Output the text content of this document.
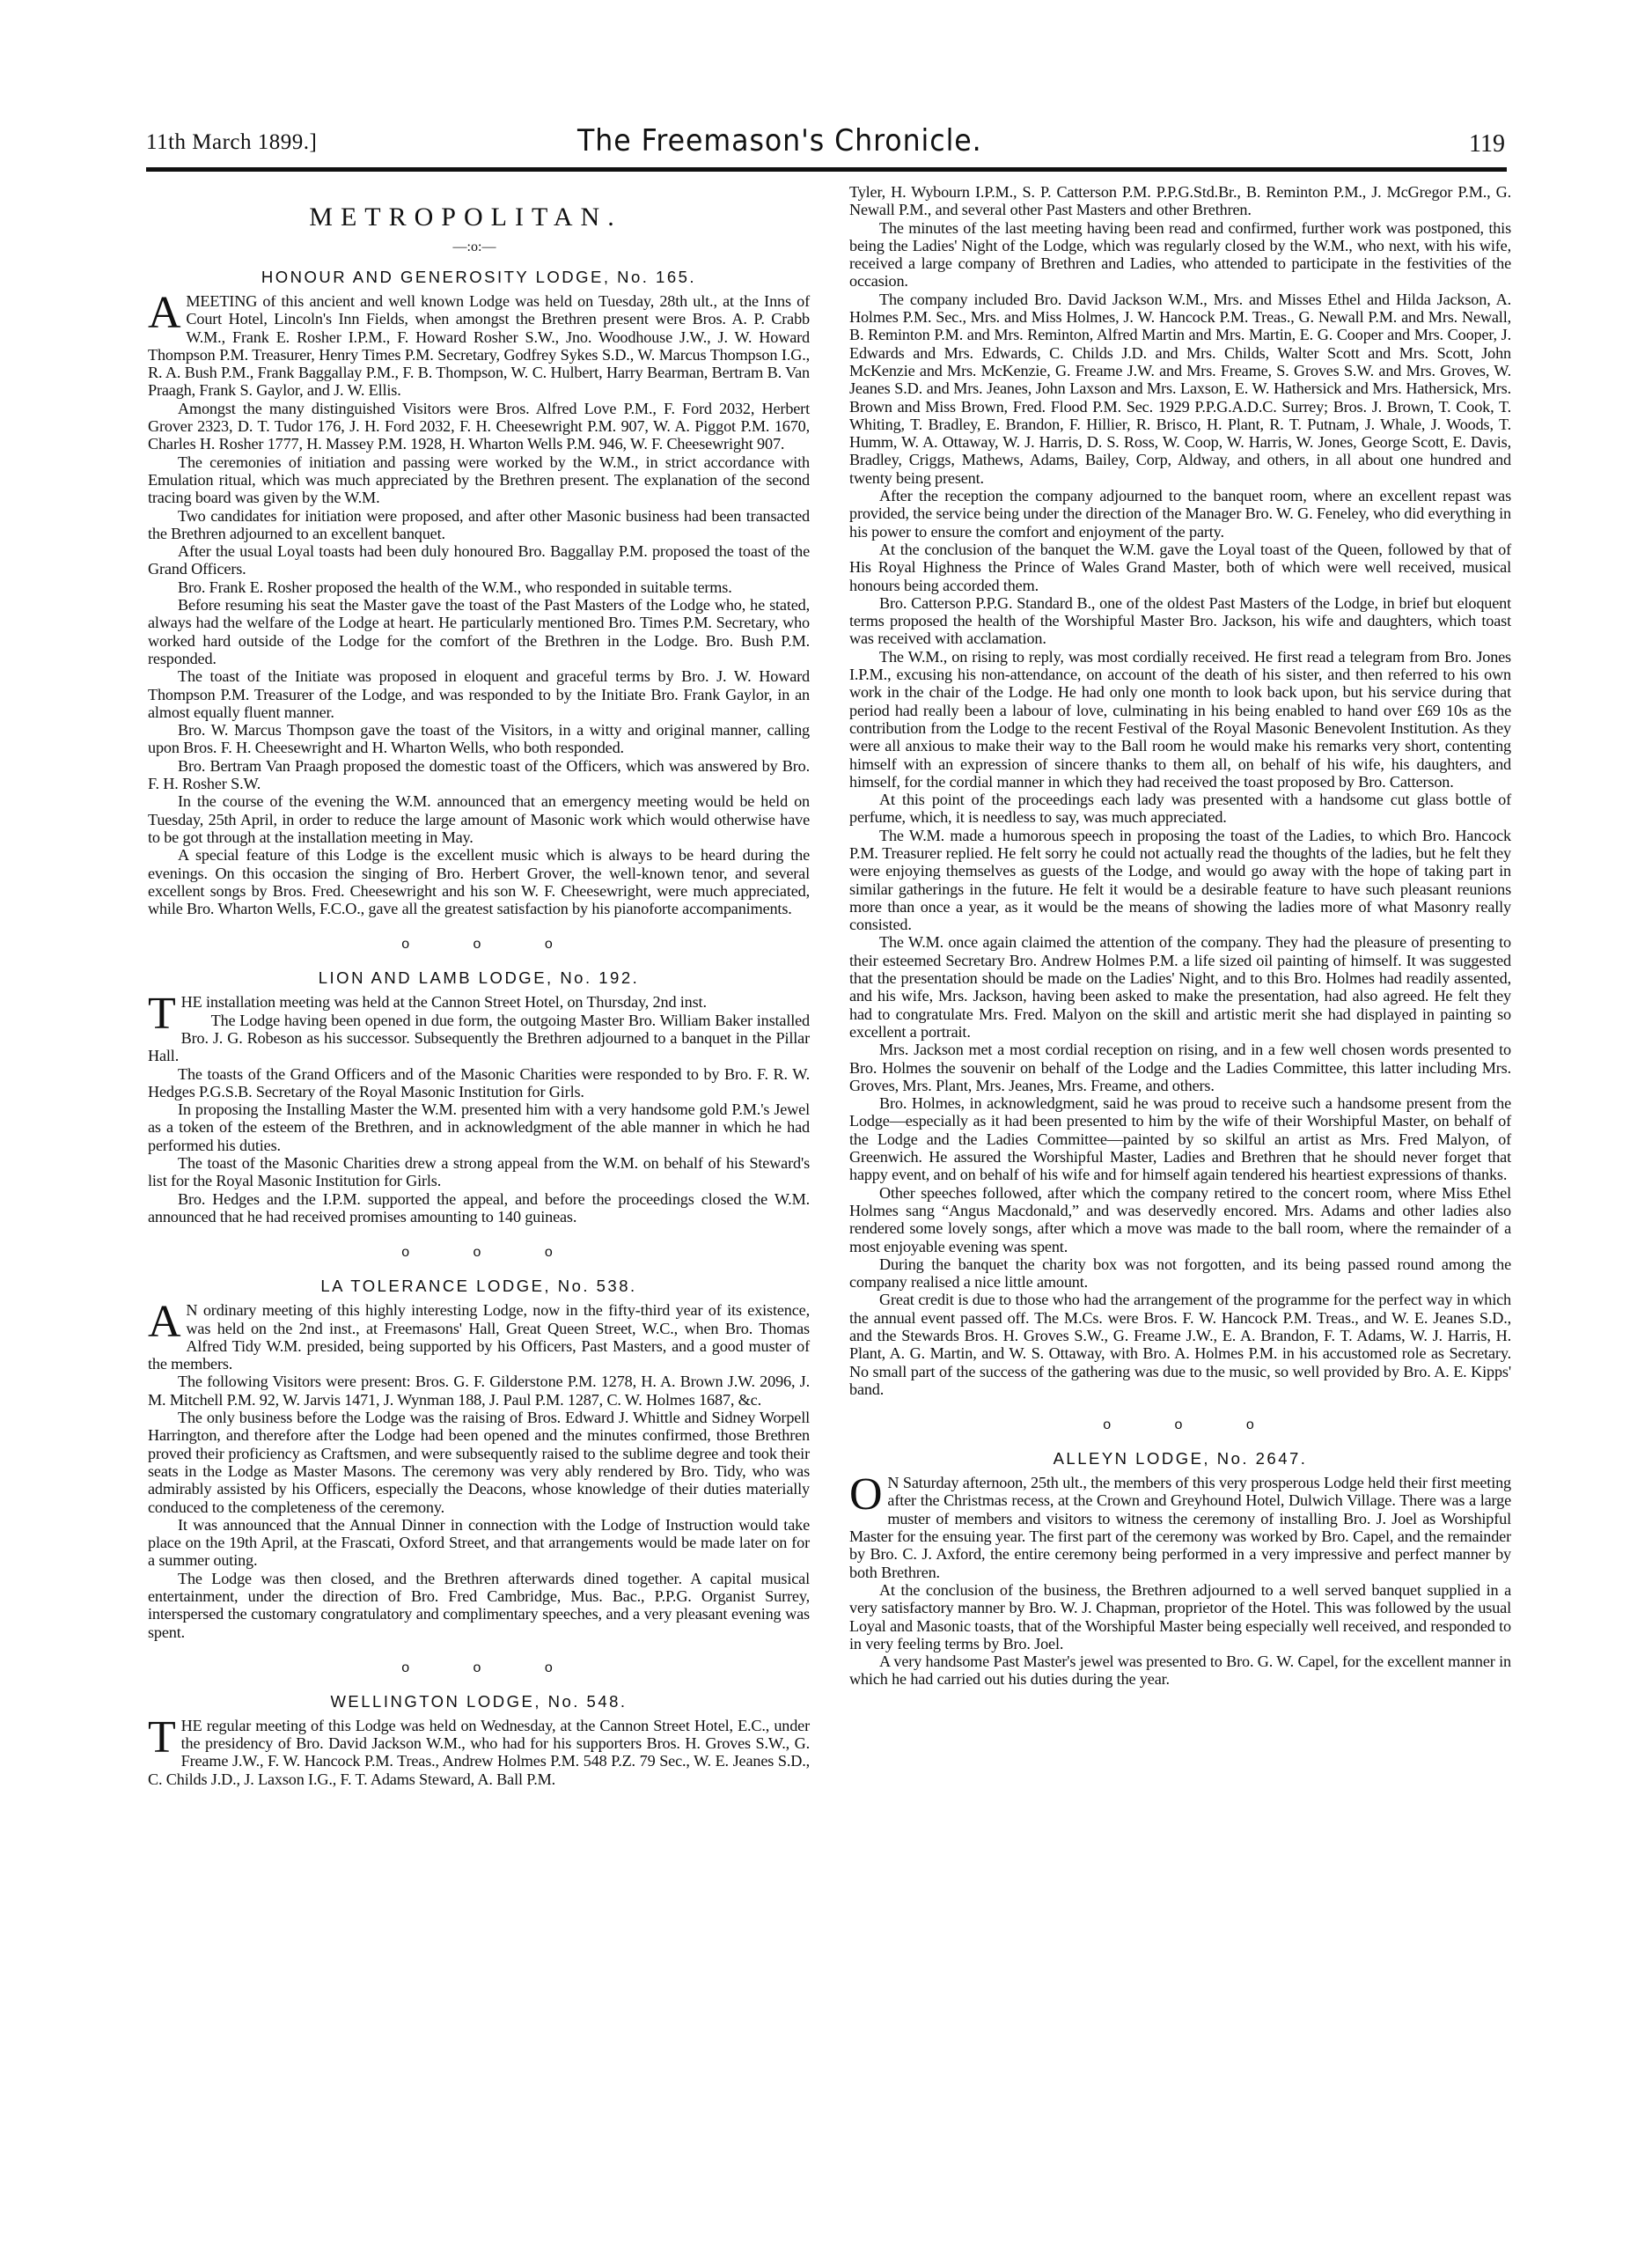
11th March 1899.]	The Freemason's Chronicle.	119
METROPOLITAN.
—:o:—
HONOUR AND GENEROSITY LODGE, No. 165.

AMEETING of this ancient and well known Lodge was held on Tuesday, 28th ult., at the Inns of Court Hotel, Lincoln's Inn Fields, when amongst the Brethren present were Bros. A. P. Crabb W.M., Frank E. Rosher I.P.M., F. Howard Rosher S.W., Jno. Woodhouse J.W., J. W. Howard Thompson P.M. Treasurer, Henry Times P.M. Secretary, Godfrey Sykes S.D., W. Marcus Thompson I.G., R. A. Bush P.M., Frank Baggallay P.M., F. B. Thompson, W. C. Hulbert, Harry Bearman, Bertram B. Van Praagh, Frank S. Gaylor, and J. W. Ellis.

Amongst the many distinguished Visitors were Bros. Alfred Love P.M., F. Ford 2032, Herbert Grover 2323, D. T. Tudor 176, J. H. Ford 2032, F. H. Cheesewright P.M. 907, W. A. Piggot P.M. 1670, Charles H. Rosher 1777, H. Massey P.M. 1928, H. Wharton Wells P.M. 946, W. F. Cheesewright 907.

The ceremonies of initiation and passing were worked by the W.M., in strict accordance with Emulation ritual, which was much appreciated by the Brethren present. The explanation of the second tracing board was given by the W.M.

Two candidates for initiation were proposed, and after other Masonic business had been transacted the Brethren adjourned to an excellent banquet.

After the usual Loyal toasts had been duly honoured Bro. Baggallay P.M. proposed the toast of the Grand Officers.

Bro. Frank E. Rosher proposed the health of the W.M., who responded in suitable terms.

Before resuming his seat the Master gave the toast of the Past Masters of the Lodge who, he stated, always had the welfare of the Lodge at heart. He particularly mentioned Bro. Times P.M. Secretary, who worked hard outside of the Lodge for the comfort of the Brethren in the Lodge. Bro. Bush P.M. responded.

The toast of the Initiate was proposed in eloquent and graceful terms by Bro. J. W. Howard Thompson P.M. Treasurer of the Lodge, and was responded to by the Initiate Bro. Frank Gaylor, in an almost equally fluent manner.

Bro. W. Marcus Thompson gave the toast of the Visitors, in a witty and original manner, calling upon Bros. F. H. Cheesewright and H. Wharton Wells, who both responded.

Bro. Bertram Van Praagh proposed the domestic toast of the Officers, which was answered by Bro. F. H. Rosher S.W.

In the course of the evening the W.M. announced that an emergency meeting would be held on Tuesday, 25th April, in order to reduce the large amount of Masonic work which would otherwise have to be got through at the installation meeting in May.

A special feature of this Lodge is the excellent music which is always to be heard during the evenings. On this occasion the singing of Bro. Herbert Grover, the well-known tenor, and several excellent songs by Bros. Fred. Cheesewright and his son W. F. Cheesewright, were much appreciated, while Bro. Wharton Wells, F.C.O., gave all the greatest satisfaction by his pianoforte accompaniments.

o o o
LION AND LAMB LODGE, No. 192.

THE installation meeting was held at the Cannon Street Hotel, on Thursday, 2nd inst.

The Lodge having been opened in due form, the outgoing Master Bro. William Baker installed Bro. J. G. Robeson as his successor. Subsequently the Brethren adjourned to a banquet in the Pillar Hall.

The toasts of the Grand Officers and of the Masonic Charities were responded to by Bro. F. R. W. Hedges P.G.S.B. Secretary of the Royal Masonic Institution for Girls.

In proposing the Installing Master the W.M. presented him with a very handsome gold P.M.'s Jewel as a token of the esteem of the Brethren, and in acknowledgment of the able manner in which he had performed his duties.

The toast of the Masonic Charities drew a strong appeal from the W.M. on behalf of his Steward's list for the Royal Masonic Institution for Girls.

Bro. Hedges and the I.P.M. supported the appeal, and before the proceedings closed the W.M. announced that he had received promises amounting to 140 guineas.

o o o
LA TOLERANCE LODGE, No. 538.

A N ordinary meeting of this highly interesting Lodge, now in the fifty-third year of its existence, was held on the 2nd inst., at Freemasons' Hall, Great Queen Street, W.C., when Bro. Thomas Alfred Tidy W.M. presided, being supported by his Officers, Past Masters, and a good muster of the members.

The following Visitors were present: Bros. G. F. Gilderstone P.M. 1278, H. A. Brown J.W. 2096, J. M. Mitchell P.M. 92, W. Jarvis 1471, J. Wynman 188, J. Paul P.M. 1287, C. W. Holmes 1687, &c.

The only business before the Lodge was the raising of Bros. Edward J. Whittle and Sidney Worpell Harrington, and therefore after the Lodge had been opened and the minutes confirmed, those Brethren proved their proficiency as Craftsmen, and were subsequently raised to the sublime degree and took their seats in the Lodge as Master Masons. The ceremony was very ably rendered by Bro. Tidy, who was admirably assisted by his Officers, especially the Deacons, whose knowledge of their duties materially conduced to the completeness of the ceremony.

It was announced that the Annual Dinner in connection with the Lodge of Instruction would take place on the 19th April, at the Frascati, Oxford Street, and that arrangements would be made later on for a summer outing.

The Lodge was then closed, and the Brethren afterwards dined together. A capital musical entertainment, under the direction of Bro. Fred Cambridge, Mus. Bac., P.P.G. Organist Surrey, interspersed the customary congratulatory and complimentary speeches, and a very pleasant evening was spent.

o o o
WELLINGTON LODGE, No. 548.

THE regular meeting of this Lodge was held on Wednesday, at the Cannon Street Hotel, E.C., under the presidency of Bro. David Jackson W.M., who had for his supporters Bros. H. Groves S.W., G. Freame J.W., F. W. Hancock P.M. Treas., Andrew Holmes P.M. 548 P.Z. 79 Sec., W. E. Jeanes S.D., C. Childs J.D., J. Laxson I.G., F. T. Adams Steward, A. Ball P.M.

Tyler, H. Wybourn I.P.M., S. P. Catterson P.M. P.P.G.Std.Br., B. Reminton P.M., J. McGregor P.M., G. Newall P.M., and several other Past Masters and other Brethren.

The minutes of the last meeting having been read and confirmed, further work was postponed, this being the Ladies' Night of the Lodge, which was regularly closed by the W.M., who next, with his wife, received a large company of Brethren and Ladies, who attended to participate in the festivities of the occasion.

The company included Bro. David Jackson W.M., Mrs. and Misses Ethel and Hilda Jackson, A. Holmes P.M. Sec., Mrs. and Miss Holmes, J. W. Hancock P.M. Treas., G. Newall P.M. and Mrs. Newall, B. Reminton P.M. and Mrs. Reminton, Alfred Martin and Mrs. Martin, E. G. Cooper and Mrs. Cooper, J. Edwards and Mrs. Edwards, C. Childs J.D. and Mrs. Childs, Walter Scott and Mrs. Scott, John McKenzie and Mrs. McKenzie, G. Freame J.W. and Mrs. Freame, S. Groves S.W. and Mrs. Groves, W. Jeanes S.D. and Mrs. Jeanes, John Laxson and Mrs. Laxson, E. W. Hathersick and Mrs. Hathersick, Mrs. Brown and Miss Brown, Fred. Flood P.M. Sec. 1929 P.P.G.A.D.C. Surrey; Bros. J. Brown, T. Cook, T. Whiting, T. Bradley, E. Brandon, F. Hillier, R. Brisco, H. Plant, R. T. Putnam, J. Whale, J. Woods, T. Humm, W. A. Ottaway, W. J. Harris, D. S. Ross, W. Coop, W. Harris, W. Jones, George Scott, E. Davis, Bradley, Criggs, Mathews, Adams, Bailey, Corp, Aldway, and others, in all about one hundred and twenty being present.

After the reception the company adjourned to the banquet room, where an excellent repast was provided, the service being under the direction of the Manager Bro. W. G. Feneley, who did everything in his power to ensure the comfort and enjoyment of the party.

At the conclusion of the banquet the W.M. gave the Loyal toast of the Queen, followed by that of His Royal Highness the Prince of Wales Grand Master, both of which were well received, musical honours being accorded them.

Bro. Catterson P.P.G. Standard B., one of the oldest Past Masters of the Lodge, in brief but eloquent terms proposed the health of the Worshipful Master Bro. Jackson, his wife and daughters, which toast was received with acclamation.

The W.M., on rising to reply, was most cordially received. He first read a telegram from Bro. Jones I.P.M., excusing his non-attendance, on account of the death of his sister, and then referred to his own work in the chair of the Lodge. He had only one month to look back upon, but his service during that period had really been a labour of love, culminating in his being enabled to hand over £69 10s as the contribution from the Lodge to the recent Festival of the Royal Masonic Benevolent Institution. As they were all anxious to make their way to the Ball room he would make his remarks very short, contenting himself with an expression of sincere thanks to them all, on behalf of his wife, his daughters, and himself, for the cordial manner in which they had received the toast proposed by Bro. Catterson.

At this point of the proceedings each lady was presented with a handsome cut glass bottle of perfume, which, it is needless to say, was much appreciated.

The W.M. made a humorous speech in proposing the toast of the Ladies, to which Bro. Hancock P.M. Treasurer replied. He felt sorry he could not actually read the thoughts of the ladies, but he felt they were enjoying themselves as guests of the Lodge, and would go away with the hope of taking part in similar gatherings in the future. He felt it would be a desirable feature to have such pleasant reunions more than once a year, as it would be the means of showing the ladies more of what Masonry really consisted.

The W.M. once again claimed the attention of the company. They had the pleasure of presenting to their esteemed Secretary Bro. Andrew Holmes P.M. a life sized oil painting of himself. It was suggested that the presentation should be made on the Ladies' Night, and to this Bro. Holmes had readily assented, and his wife, Mrs. Jackson, having been asked to make the presentation, had also agreed. He felt they had to congratulate Mrs. Fred. Malyon on the skill and artistic merit she had displayed in painting so excellent a portrait.

Mrs. Jackson met a most cordial reception on rising, and in a few well chosen words presented to Bro. Holmes the souvenir on behalf of the Lodge and the Ladies Committee, this latter including Mrs. Groves, Mrs. Plant, Mrs. Jeanes, Mrs. Freame, and others.

Bro. Holmes, in acknowledgment, said he was proud to receive such a handsome present from the Lodge—especially as it had been presented to him by the wife of their Worshipful Master, on behalf of the Lodge and the Ladies Committee—painted by so skilful an artist as Mrs. Fred Malyon, of Greenwich. He assured the Worshipful Master, Ladies and Brethren that he should never forget that happy event, and on behalf of his wife and for himself again tendered his heartiest expressions of thanks.

Other speeches followed, after which the company retired to the concert room, where Miss Ethel Holmes sang “Angus Macdonald,” and was deservedly encored. Mrs. Adams and other ladies also rendered some lovely songs, after which a move was made to the ball room, where the remainder of a most enjoyable evening was spent.

During the banquet the charity box was not forgotten, and its being passed round among the company realised a nice little amount.

Great credit is due to those who had the arrangement of the programme for the perfect way in which the annual event passed off. The M.Cs. were Bros. F. W. Hancock P.M. Treas., and W. E. Jeanes S.D., and the Stewards Bros. H. Groves S.W., G. Freame J.W., E. A. Brandon, F. T. Adams, W. J. Harris, H. Plant, A. G. Martin, and W. S. Ottaway, with Bro. A. Holmes P.M. in his accustomed role as Secretary. No small part of the success of the gathering was due to the music, so well provided by Bro. A. E. Kipps' band.

o o o
ALLEYN LODGE, No. 2647.

O N Saturday afternoon, 25th ult., the members of this very prosperous Lodge held their first meeting after the Christmas recess, at the Crown and Greyhound Hotel, Dulwich Village. There was a large muster of members and visitors to witness the ceremony of installing Bro. J. Joel as Worshipful Master for the ensuing year. The first part of the ceremony was worked by Bro. Capel, and the remainder by Bro. C. J. Axford, the entire ceremony being performed in a very impressive and perfect manner by both Brethren.

At the conclusion of the business, the Brethren adjourned to a well served banquet supplied in a very satisfactory manner by Bro. W. J. Chapman, proprietor of the Hotel. This was followed by the usual Loyal and Masonic toasts, that of the Worshipful Master being especially well received, and responded to in very feeling terms by Bro. Joel.

A very handsome Past Master's jewel was presented to Bro. G. W. Capel, for the excellent manner in which he had carried out his duties during the year.
